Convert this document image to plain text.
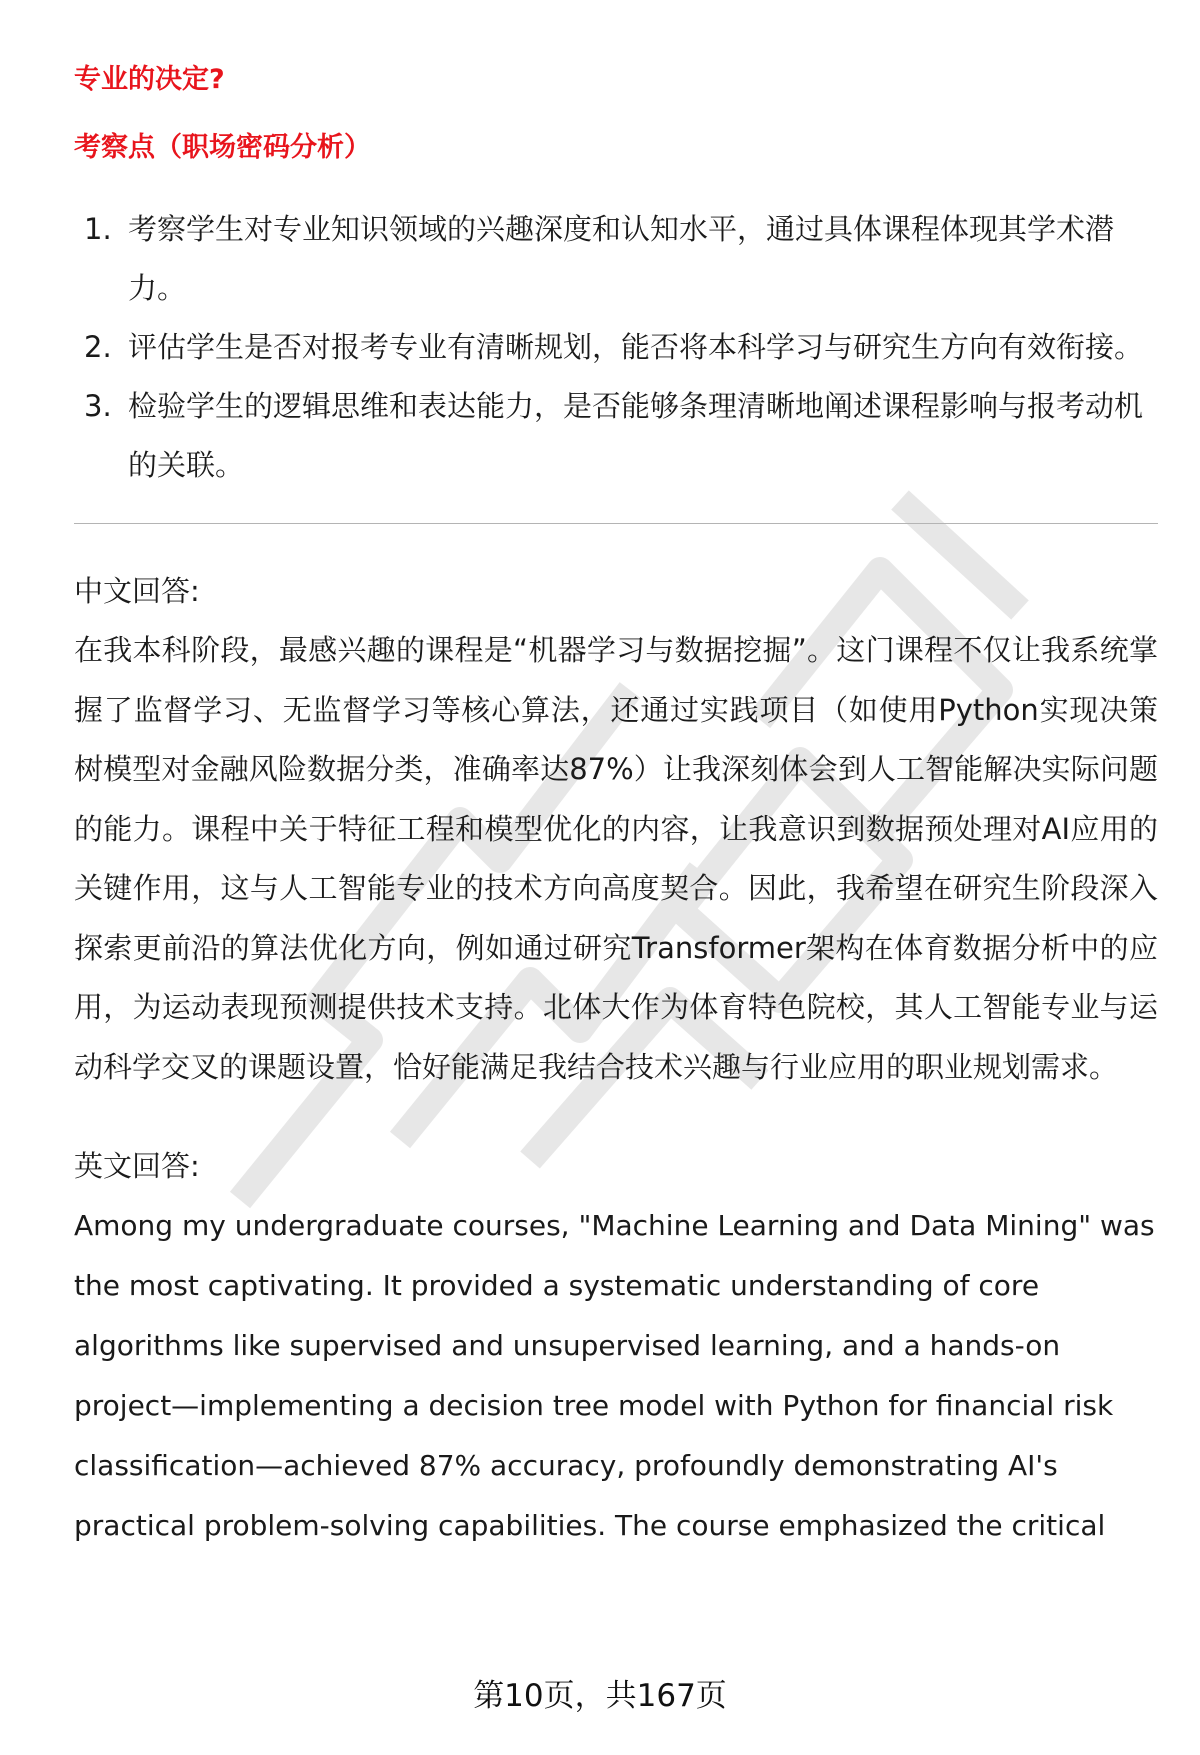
专业的决定?

考察点（职场密码分析）

1. 考察学生对专业知识领域的兴趣深度和认知水平，通过具体课程体现其学术潜力。
2. 评估学生是否对报考专业有清晰规划，能否将本科学习与研究生方向有效衔接。
3. 检验学生的逻辑思维和表达能力，是否能够条理清晰地阐述课程影响与报考动机的关联。

中文回答:

在我本科阶段，最感兴趣的课程是“机器学习与数据挖掘”。这门课程不仅让我系统掌握了监督学习、无监督学习等核心算法，还通过实践项目（如使用Python实现决策树模型对金融风险数据分类，准确率达87%）让我深刻体会到人工智能解决实际问题的能力。课程中关于特征工程和模型优化的内容，让我意识到数据预处理对AI应用的关键作用，这与人工智能专业的技术方向高度契合。因此，我希望在研究生阶段深入探索更前沿的算法优化方向，例如通过研究Transformer架构在体育数据分析中的应用，为运动表现预测提供技术支持。北体大作为体育特色院校，其人工智能专业与运动科学交叉的课题设置，恰好能满足我结合技术兴趣与行业应用的职业规划需求。

英文回答:

Among my undergraduate courses, "Machine Learning and Data Mining" was the most captivating. It provided a systematic understanding of core algorithms like supervised and unsupervised learning, and a hands-on project—implementing a decision tree model with Python for financial risk classification—achieved 87% accuracy, profoundly demonstrating AI's practical problem-solving capabilities. The course emphasized the critical

第10页，共167页
